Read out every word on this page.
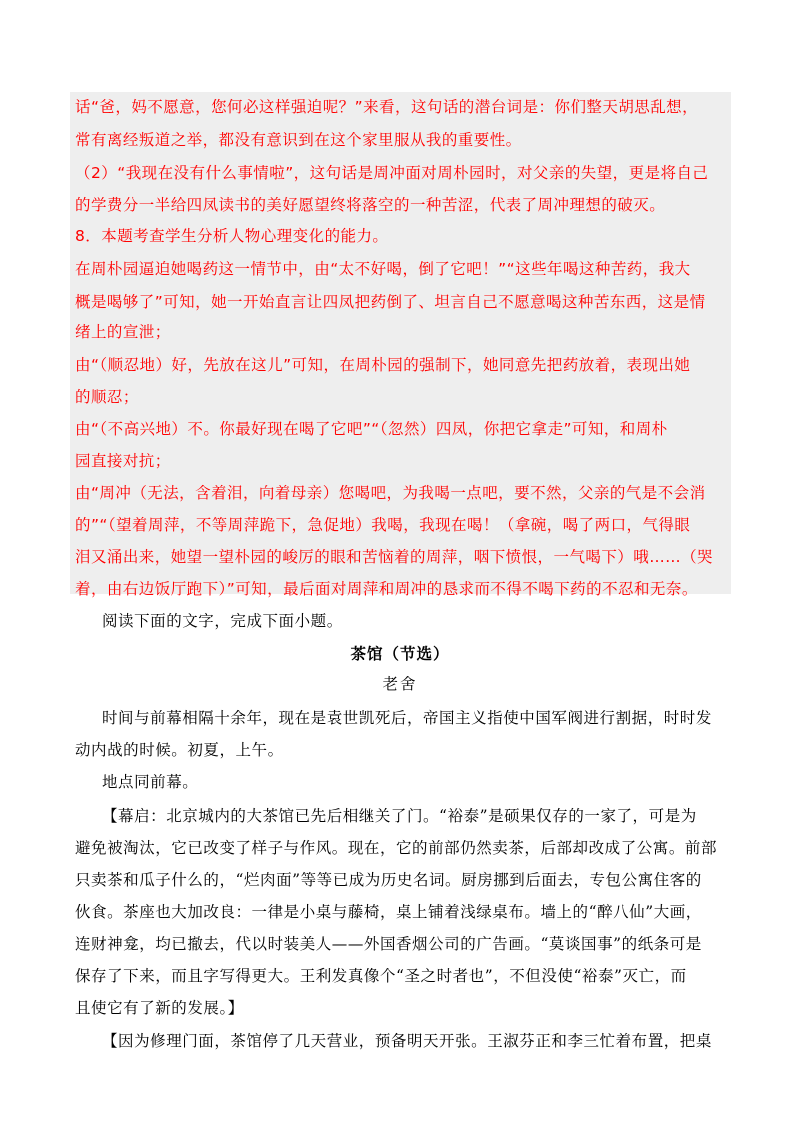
话“爸，妈不愿意，您何必这样强迫呢？”来看，这句话的潜台词是：你们整天胡思乱想，
常有离经叛道之举，都没有意识到在这个家里服从我的重要性。
（2）“我现在没有什么事情啦”，这句话是周冲面对周朴园时，对父亲的失望，更是将自己
的学费分一半给四凤读书的美好愿望终将落空的一种苦涩，代表了周冲理想的破灭。
8．本题考查学生分析人物心理变化的能力。
在周朴园逼迫她喝药这一情节中，由“太不好喝，倒了它吧！”“这些年喝这种苦药，我大
概是喝够了”可知，她一开始直言让四凤把药倒了、坦言自己不愿意喝这种苦东西，这是情
绪上的宣泄；
由“（顺忍地）好，先放在这儿”可知，在周朴园的强制下，她同意先把药放着，表现出她
的顺忍；
由“（不高兴地）不。你最好现在喝了它吧”“（忽然）四凤，你把它拿走”可知，和周朴
园直接对抗；
由“周冲（无法，含着泪，向着母亲）您喝吧，为我喝一点吧，要不然，父亲的气是不会消
的”“（望着周萍，不等周萍跪下，急促地）我喝，我现在喝！（拿碗，喝了两口，气得眼
泪又涌出来，她望一望朴园的峻厉的眼和苦恼着的周萍，咽下愤恨，一气喝下）哦……（哭
着，由右边饭厅跑下）”可知，最后面对周萍和周冲的恳求而不得不喝下药的不忍和无奈。
阅读下面的文字，完成下面小题。
茶馆（节选）
老舍
时间与前幕相隔十余年，现在是袁世凯死后，帝国主义指使中国军阀进行割据，时时发
动内战的时候。初夏，上午。
地点同前幕。
【幕启：北京城内的大茶馆已先后相继关了门。“裕泰”是硕果仅存的一家了，可是为
避免被淘汰，它已改变了样子与作风。现在，它的前部仍然卖茶，后部却改成了公寓。前部
只卖茶和瓜子什么的，“烂肉面”等等已成为历史名词。厨房挪到后面去，专包公寓住客的
伙食。茶座也大加改良：一律是小桌与藤椅，桌上铺着浅绿桌布。墙上的“醉八仙”大画，
连财神龛，均已撤去，代以时装美人——外国香烟公司的广告画。“莫谈国事”的纸条可是
保存了下来，而且字写得更大。王利发真像个“圣之时者也”，不但没使“裕泰”灭亡，而
且使它有了新的发展。】
【因为修理门面，茶馆停了几天营业，预备明天开张。王淑芬正和李三忙着布置，把桌
